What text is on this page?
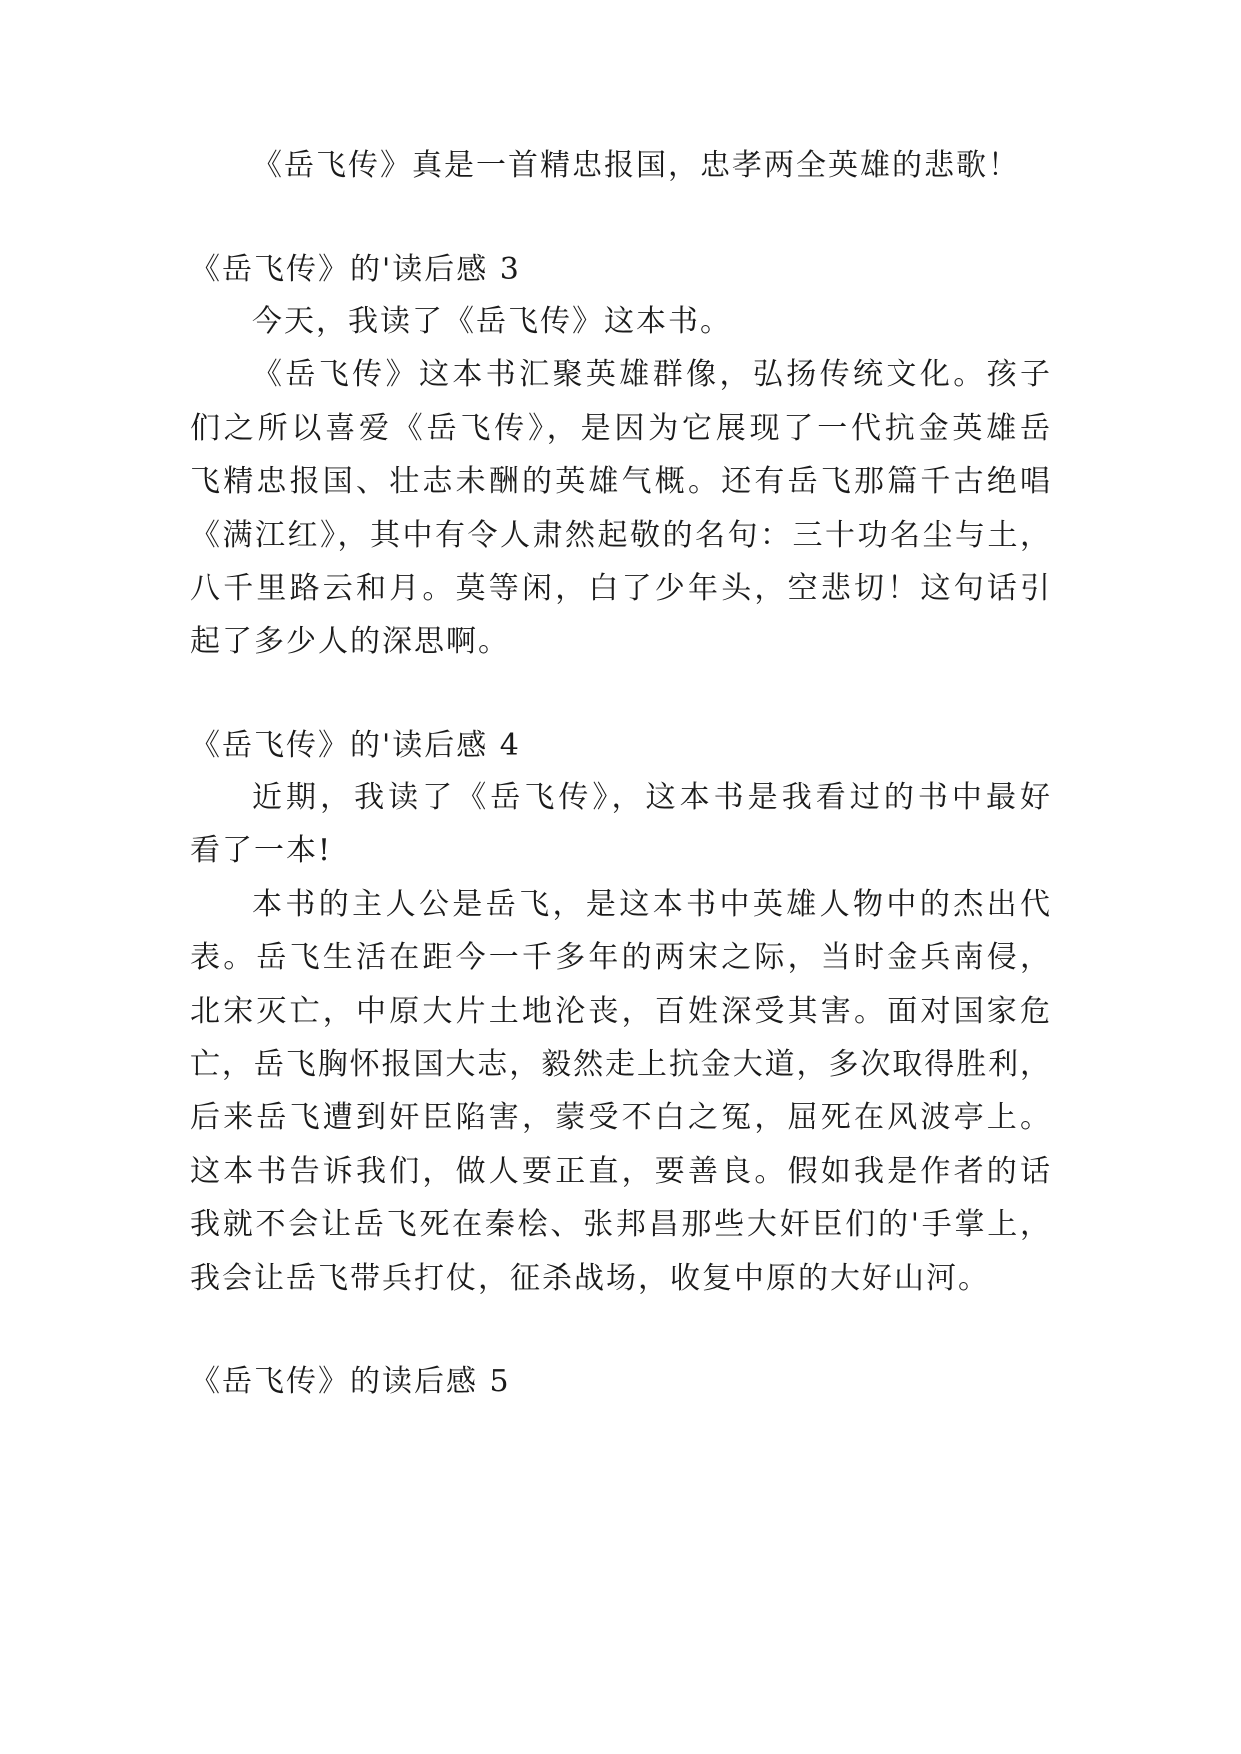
《岳飞传》真是一首精忠报国，忠孝两全英雄的悲歌！
《岳飞传》的'读后感 3
今天，我读了《岳飞传》这本书。
《岳飞传》这本书汇聚英雄群像，弘扬传统文化。孩子
们之所以喜爱《岳飞传》，是因为它展现了一代抗金英雄岳
飞精忠报国、壮志未酬的英雄气概。还有岳飞那篇千古绝唱
《满江红》，其中有令人肃然起敬的名句：三十功名尘与土，
八千里路云和月。莫等闲，白了少年头，空悲切！这句话引
起了多少人的深思啊。
《岳飞传》的'读后感 4
近期，我读了《岳飞传》，这本书是我看过的书中最好
看了一本!
本书的主人公是岳飞，是这本书中英雄人物中的杰出代
表。岳飞生活在距今一千多年的两宋之际，当时金兵南侵，
北宋灭亡，中原大片土地沦丧，百姓深受其害。面对国家危
亡，岳飞胸怀报国大志，毅然走上抗金大道，多次取得胜利，
后来岳飞遭到奸臣陷害，蒙受不白之冤，屈死在风波亭上。
这本书告诉我们，做人要正直，要善良。假如我是作者的话
我就不会让岳飞死在秦桧、张邦昌那些大奸臣们的'手掌上，
我会让岳飞带兵打仗，征杀战场，收复中原的大好山河。
《岳飞传》的读后感 5
